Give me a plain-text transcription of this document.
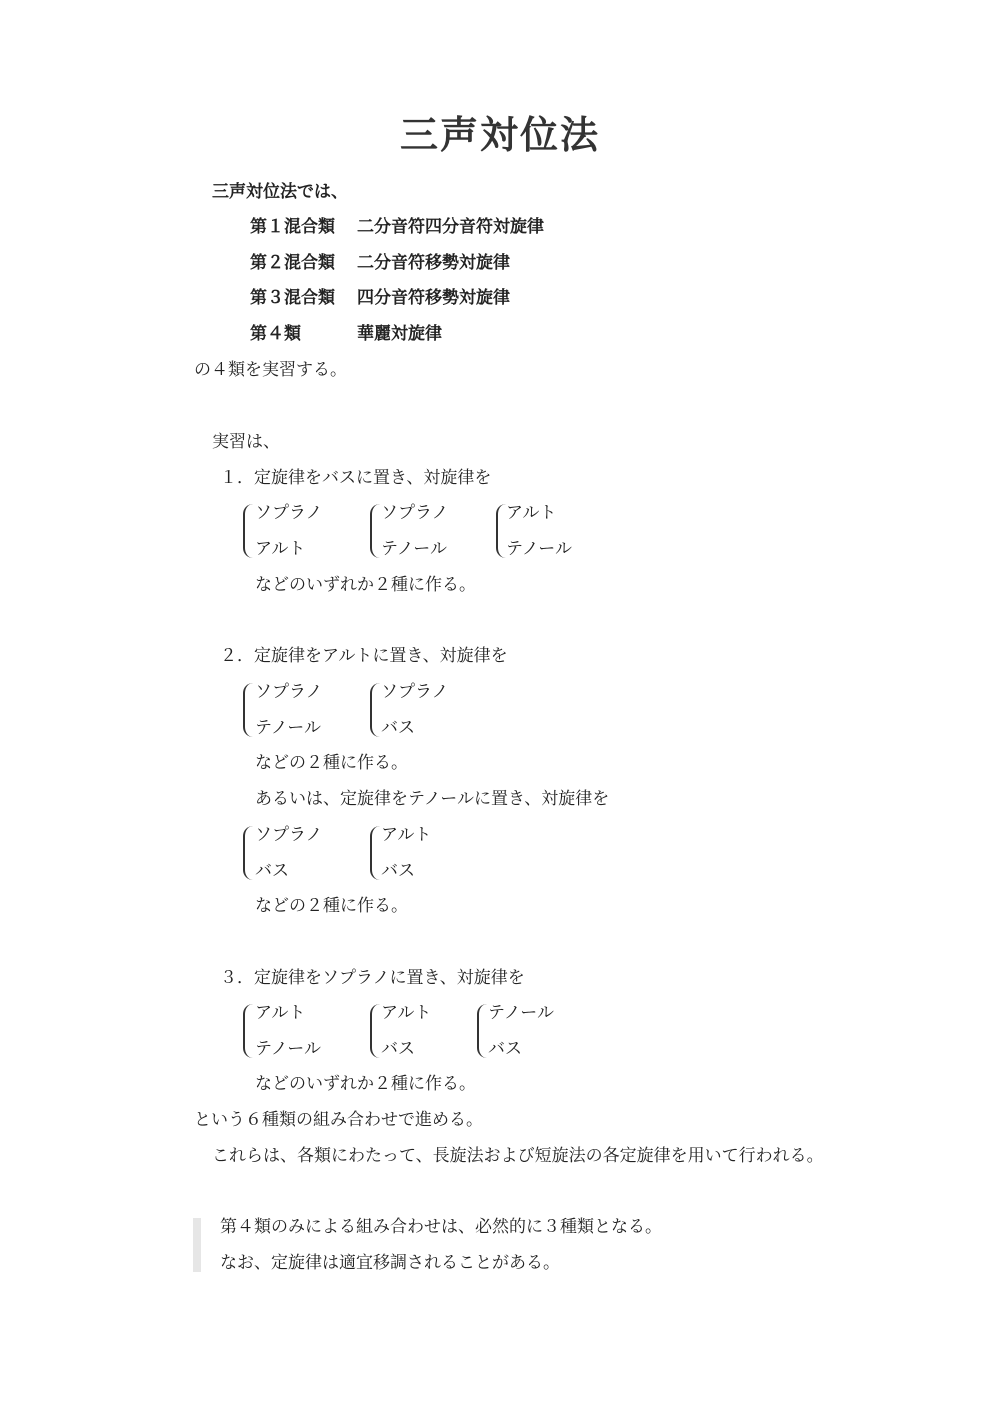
三声対位法
三声対位法では、
第１混合類 二分音符四分音符対旋律
第２混合類 二分音符移勢対旋律
第３混合類 四分音符移勢対旋律
第４類	華麗対旋律
の４類を実習する。
実習は、
１．定旋律をバスに置き、対旋律を
ソプラノ
アルト
ソプラノ
テノール
アルト
テノール
などのいずれか２種に作る。
２．定旋律をアルトに置き、対旋律を
ソプラノ
テノール
ソプラノ
バス
などの２種に作る。
あるいは、定旋律をテノールに置き、対旋律を
ソプラノ
バス
アルト
バス
などの２種に作る。
３．定旋律をソプラノに置き、対旋律を
アルト
テノール
アルト
バス
テノール
バス
などのいずれか２種に作る。
という６種類の組み合わせで進める。
これらは、各類にわたって、長旋法および短旋法の各定旋律を用いて行われる。
第４類のみによる組み合わせは、必然的に３種類となる。
なお、定旋律は適宜移調されることがある。
